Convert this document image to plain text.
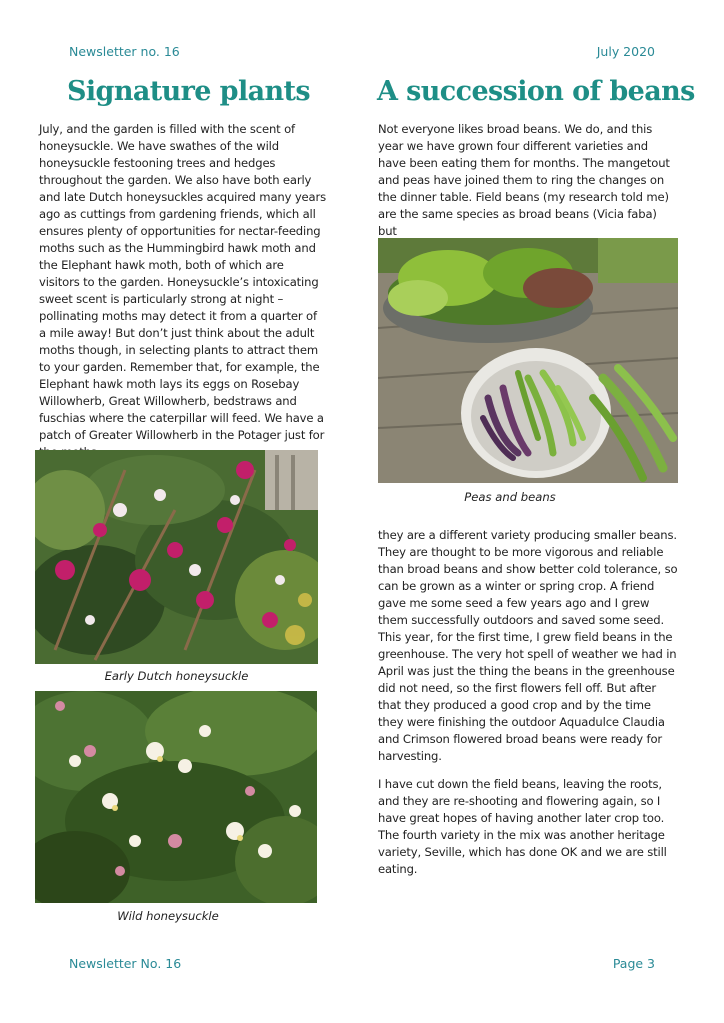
Newsletter no. 16	July 2020
Signature plants A succession of beans

July, and the garden is filled with the scent of honeysuckle. We have swathes of the wild honeysuckle festooning trees and hedges throughout the garden. We also have both early and late Dutch honeysuckles acquired many years ago as cuttings from gardening friends, which all ensures plenty of opportunities for nectar-feeding moths such as the Hummingbird hawk moth and the Elephant hawk moth, both of which are visitors to the garden. Honeysuckle’s intoxicating sweet scent is particularly strong at night – pollinating moths may detect it from a quarter of a mile away! But don’t just think about the adult moths though, in selecting plants to attract them to your garden. Remember that, for example, the Elephant hawk moth lays its eggs on Rosebay Willowherb, Great Willowherb, bedstraws and fuschias where the caterpillar will feed. We have a patch of Greater Willowherb in the Potager just for

Not everyone likes broad beans. We do, and this year we have grown four different varieties and have been eating them for months. The mangetout and peas have joined them to ring the changes on the dinner table. Field beans (my research told me) are the same species as broad beans (Vicia faba) but

Early Dutch honeysuckle
Wild honeysuckle
Peas and beans

they are a different variety producing smaller beans. They are thought to be more vigorous and reliable than broad beans and show better cold tolerance, so can be grown as a winter or spring crop. A friend gave me some seed a few years ago and I grew them successfully outdoors and saved some seed. This year, for the first time, I grew field beans in the greenhouse. The very hot spell of weather we had in April was just the thing the beans in the greenhouse did not need, so the first flowers fell off. But after that they produced a good crop and by the time they were finishing the outdoor Aquadulce Claudia and Crimson flowered broad beans were ready for harvesting.

I have cut down the field beans, leaving the roots, and they are re-shooting and flowering again, so I have great hopes of having another later crop too. The fourth variety in the mix was another heritage variety, Seville, which has done OK and we are still eating.

Newsletter No. 16	Page 3
